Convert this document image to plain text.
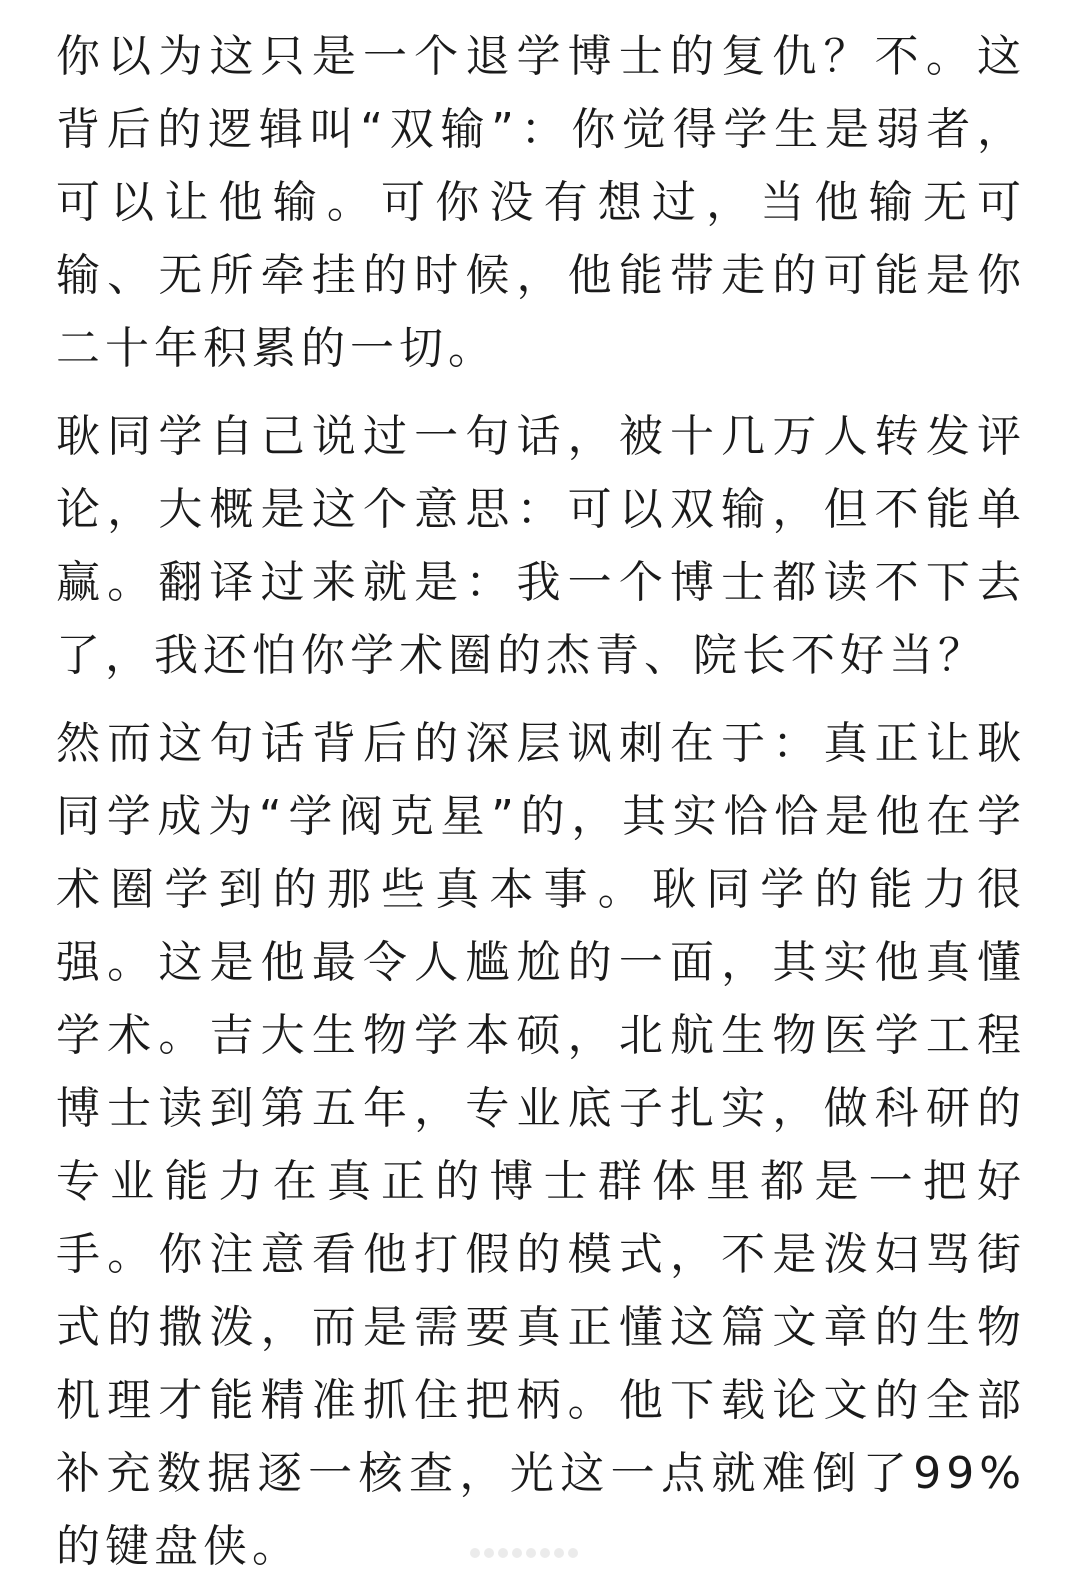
你以为这只是一个退学博士的复仇？不。这背后的逻辑叫“双输”：你觉得学生是弱者，可以让他输。可你没有想过，当他输无可输、无所牵挂的时候，他能带走的可能是你二十年积累的一切。

耿同学自己说过一句话，被十几万人转发评论，大概是这个意思：可以双输，但不能单赢。翻译过来就是：我一个博士都读不下去了，我还怕你学术圈的杰青、院长不好当？

然而这句话背后的深层讽刺在于：真正让耿同学成为“学阀克星”的，其实恰恰是他在学术圈学到的那些真本事。耿同学的能力很强。这是他最令人尴尬的一面，其实他真懂学术。吉大生物学本硕，北航生物医学工程博士读到第五年，专业底子扎实，做科研的专业能力在真正的博士群体里都是一把好手。你注意看他打假的模式，不是泼妇骂街式的撒泼，而是需要真正懂这篇文章的生物机理才能精准抓住把柄。他下载论文的全部补充数据逐一核查，光这一点就难倒了99%的键盘侠。
